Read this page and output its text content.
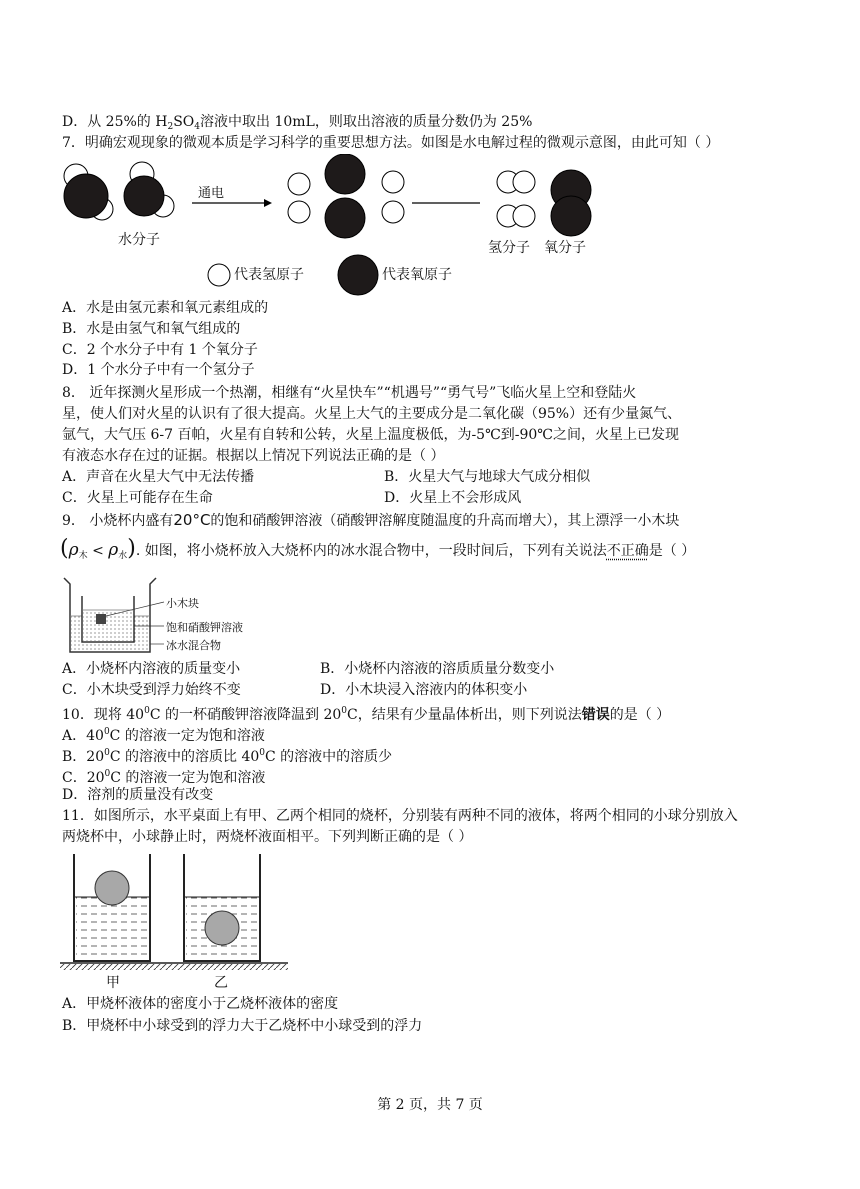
D．从 25%的 $H_2SO_4$溶液中取出 10mL，则取出溶液的质量分数仍为 25%
7．明确宏观现象的微观本质是学习科学的重要思想方法。如图是水电解过程的微观示意图，由此可知（ ）
通电
水分子	氢分子 氧分子
代表氢原子	代表氧原子
A．水是由氢元素和氧元素组成的
B．水是由氢气和氧气组成的
C．2 个水分子中有 1 个氧分子
D．1 个水分子中有一个氢分子
8． 近年探测火星形成一个热潮，相继有“火星快车”“机遇号”“勇气号”飞临火星上空和登陆火
星，使人们对火星的认识有了很大提高。火星上大气的主要成分是二氧化碳（95%）还有少量氮气、
氩气，大气压 6-7 百帕，火星有自转和公转，火星上温度极低，为-5℃到-90℃之间，火星上已发现
有液态水存在过的证据。根据以上情况下列说法正确的是（ ）
A．声音在火星大气中无法传播	B．火星大气与地球大气成分相似
C．火星上可能存在生命	D．火星上不会形成风
9． 小烧杯内盛有20°C的饱和硝酸钾溶液（硝酸钾溶解度随温度的升高而增大），其上漂浮一小木块
$(\rho_木 < \rho_水)$. 如图，将小烧杯放入大烧杯内的冰水混合物中，一段时间后，下列有关说法不正确是（ ）
小木块
饱和硝酸钾溶液
冰水混合物
A．小烧杯内溶液的质量变小	B．小烧杯内溶液的溶质质量分数变小
C．小木块受到浮力始终不变	D．小木块浸入溶液内的体积变小
10．现将 $40^0C$ 的一杯硝酸钾溶液降温到 $20^0C$，结果有少量晶体析出，则下列说法错误的是（ ）
A．$40^0C$ 的溶液一定为饱和溶液
B．$20^0C$ 的溶液中的溶质比 $40^0C$ 的溶液中的溶质少
C．$20^0C$ 的溶液一定为饱和溶液
D．溶剂的质量没有改变
11．如图所示，水平桌面上有甲、乙两个相同的烧杯，分别装有两种不同的液体，将两个相同的小球分别放入
两烧杯中，小球静止时，两烧杯液面相平。下列判断正确的是（ ）
甲	乙
A．甲烧杯液体的密度小于乙烧杯液体的密度
B．甲烧杯中小球受到的浮力大于乙烧杯中小球受到的浮力
第 2 页，共 7 页
